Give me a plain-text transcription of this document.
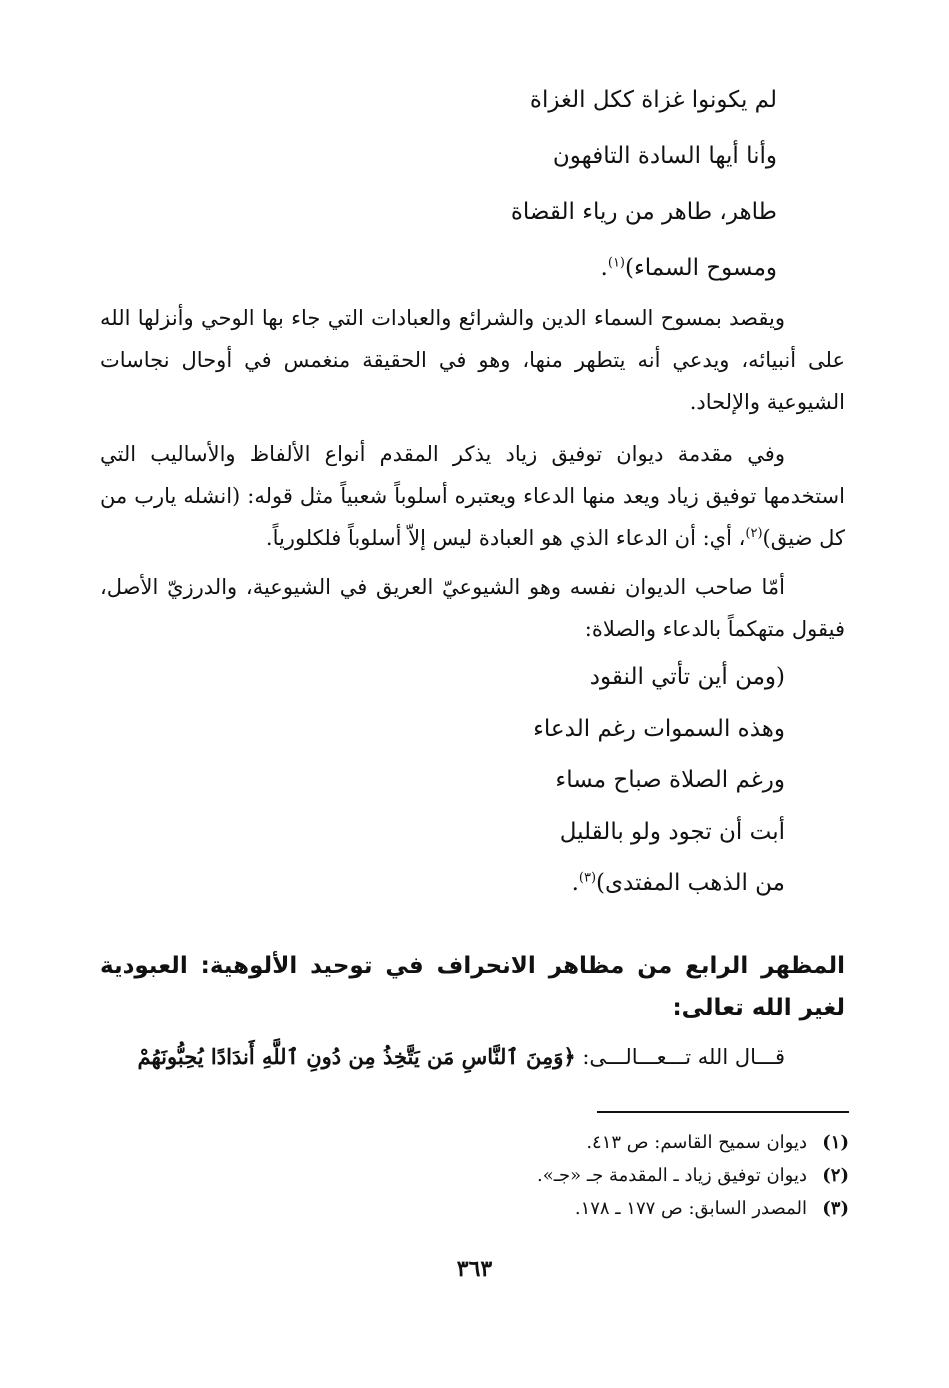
لم يكونوا غزاة ككل الغزاة
وأنا أيها السادة التافهون
طاهر، طاهر من رياء القضاة
ومسوح السماء)$^{(١)}$.

ويقصد بمسوح السماء الدين والشرائع والعبادات التي جاء بها الوحي وأنزلها الله على أنبيائه، ويدعي أنه يتطهر منها، وهو في الحقيقة منغمس في أوحال نجاسات الشيوعية والإلحاد.

وفي مقدمة ديوان توفيق زياد يذكر المقدم أنواع الألفاظ والأساليب التي استخدمها توفيق زياد ويعد منها الدعاء ويعتبره أسلوباً شعبياً مثل قوله: (انشله يارب من كل ضيق)$^{(٢)}$، أي: أن الدعاء الذي هو العبادة ليس إلاّ أسلوباً فلكلورياً.

أمّا صاحب الديوان نفسه وهو الشيوعيّ العريق في الشيوعية، والدرزيّ الأصل، فيقول متهكماً بالدعاء والصلاة:

(ومن أين تأتي النقود
وهذه السموات رغم الدعاء
ورغم الصلاة صباح مساء
أبت أن تجود ولو بالقليل
من الذهب المفتدى)$^{(٣)}$.
المظهر الرابع من مظاهر الانحراف في توحيد الألوهية: العبودية لغير الله تعالى:

قـــال الله تـــعـــالـــى: ﴿وَمِنَ ٱلنَّاسِ مَن يَتَّخِذُ مِن دُونِ ٱللَّهِ أَندَادًا يُحِبُّونَهُمْ

(١)ديوان سميح القاسم: ص ٤١٣.
(٢)ديوان توفيق زياد ـ المقدمة جـ «جـ».
(٣)المصدر السابق: ص ١٧٧ ـ ١٧٨.
٣٦٣
